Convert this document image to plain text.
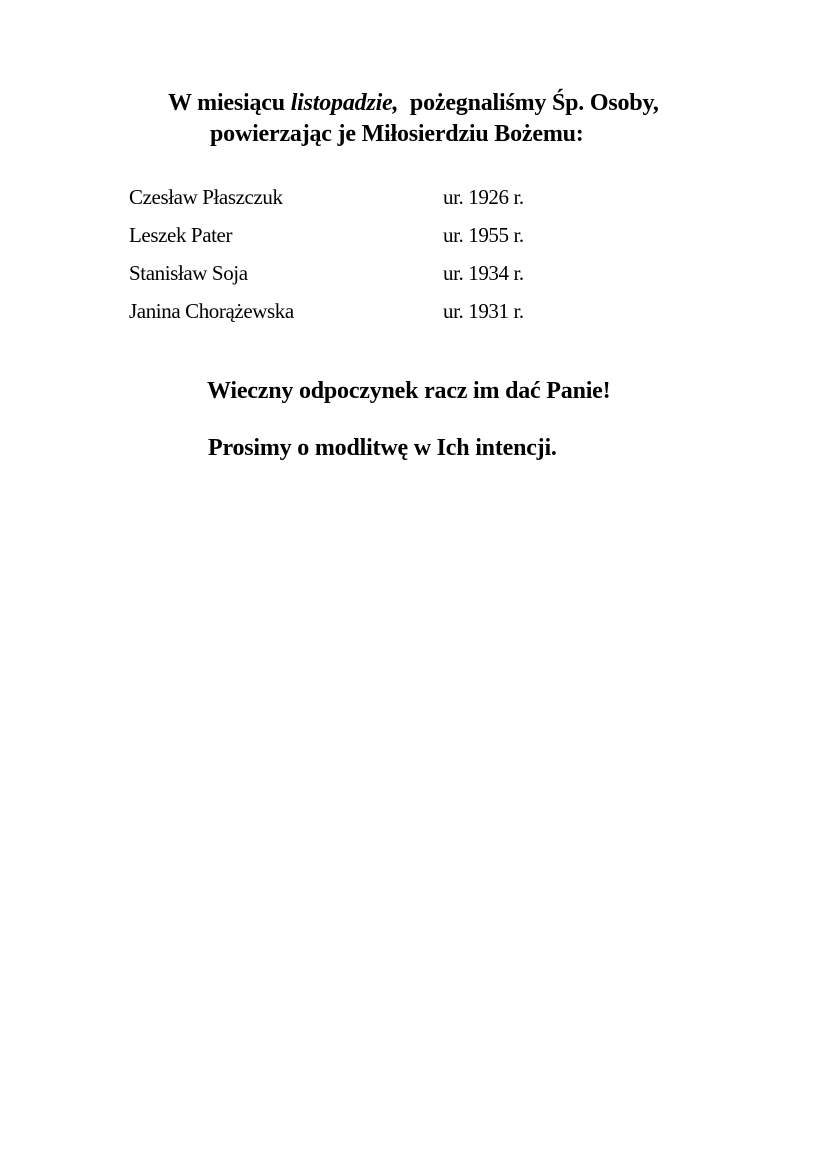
W miesiącu listopadzie, pożegnaliśmy Śp. Osoby,
powierzając je Miłosierdziu Bożemu:
Czesław Płaszczuk	ur. 1926 r.
Leszek Pater	ur. 1955 r.
Stanisław Soja	ur. 1934 r.
Janina Chorążewska	ur. 1931 r.
Wieczny odpoczynek racz im dać Panie!
Prosimy o modlitwę w Ich intencji.
